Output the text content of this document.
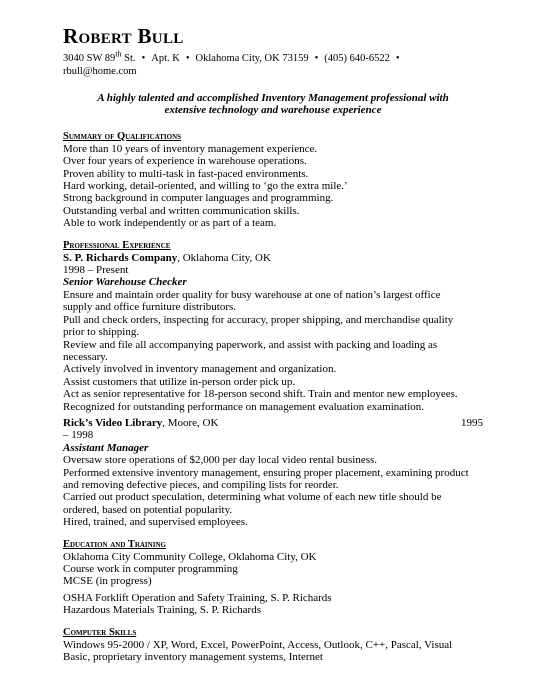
Robert Bull
3040 SW 89th St. • Apt. K • Oklahoma City, OK 73159 • (405) 640-6522 •
rbull@home.com
A highly talented and accomplished Inventory Management professional with
extensive technology and warehouse experience
Summary of Qualifications
More than 10 years of inventory management experience.
Over four years of experience in warehouse operations.
Proven ability to multi-task in fast-paced environments.
Hard working, detail-oriented, and willing to ‘go the extra mile.’
Strong background in computer languages and programming.
Outstanding verbal and written communication skills.
Able to work independently or as part of a team.
Professional Experience
S. P. Richards Company, Oklahoma City, OK
1998 – Present
Senior Warehouse Checker
Ensure and maintain order quality for busy warehouse at one of nation’s largest office
supply and office furniture distributors.
Pull and check orders, inspecting for accuracy, proper shipping, and merchandise quality
prior to shipping.
Review and file all accompanying paperwork, and assist with packing and loading as
necessary.
Actively involved in inventory management and organization.
Assist customers that utilize in-person order pick up.
Act as senior representative for 18-person second shift. Train and mentor new employees.
Recognized for outstanding performance on management evaluation examination.
Rick’s Video Library, Moore, OK	1995
– 1998
Assistant Manager
Oversaw store operations of $2,000 per day local video rental business.
Performed extensive inventory management, ensuring proper placement, examining product
and removing defective pieces, and compiling lists for reorder.
Carried out product speculation, determining what volume of each new title should be
ordered, based on potential popularity.
Hired, trained, and supervised employees.
Education and Training
Oklahoma City Community College, Oklahoma City, OK
Course work in computer programming
MCSE (in progress)
OSHA Forklift Operation and Safety Training, S. P. Richards
Hazardous Materials Training, S. P. Richards
Computer Skills
Windows 95-2000 / XP, Word, Excel, PowerPoint, Access, Outlook, C++, Pascal, Visual
Basic, proprietary inventory management systems, Internet
